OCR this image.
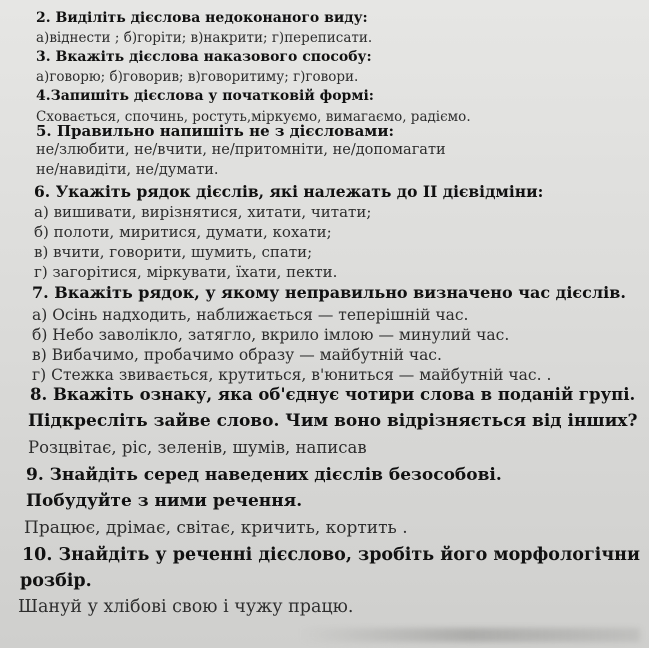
2. Виділіть дієслова недоконаного виду:
а)віднести ; б)горіти; в)накрити; г)переписати.
3. Вкажіть дієслова наказового способу:
а)говорю; б)говорив; в)говоритиму; г)говори.
4.Запишіть дієслова у початковій формі:
Сховається, спочинь, ростуть,міркуємо, вимагаємо, радіємо.
5. Правильно напишіть не з дієсловами:
не/злюбити, не/вчити, не/притомніти, не/допомагати
не/навидіти, не/думати.
6. Укажіть рядок дієслів, які належать до ІІ дієвідміни:
а) вишивати, вирізнятися, хитати, читати;
б) полоти, миритися, думати, кохати;
в) вчити, говорити, шумить, спати;
г) загорітися, міркувати, їхати, пекти.
7. Вкажіть рядок, у якому неправильно визначено час дієслів.
а) Осінь надходить, наближається — теперішній час.
б) Небо заволікло, затягло, вкрило імлою — минулий час.
в) Вибачимо, пробачимо образу — майбутній час.
г) Стежка звивається, крутиться, в'юниться — майбутній час. .
8. Вкажіть ознаку, яка об'єднує чотири слова в поданій групі.
Підкресліть зайве слово. Чим воно відрізняється від інших?
Розцвітає, ріс, зеленів, шумів, написав
9. Знайдіть серед наведених дієслів безособові.
Побудуйте з ними речення.
Працює, дрімає, світає, кричить, кортить .
10. Знайдіть у реченні дієслово, зробіть його морфологічни
розбір.
Шануй у хлібові свою і чужу працю.
